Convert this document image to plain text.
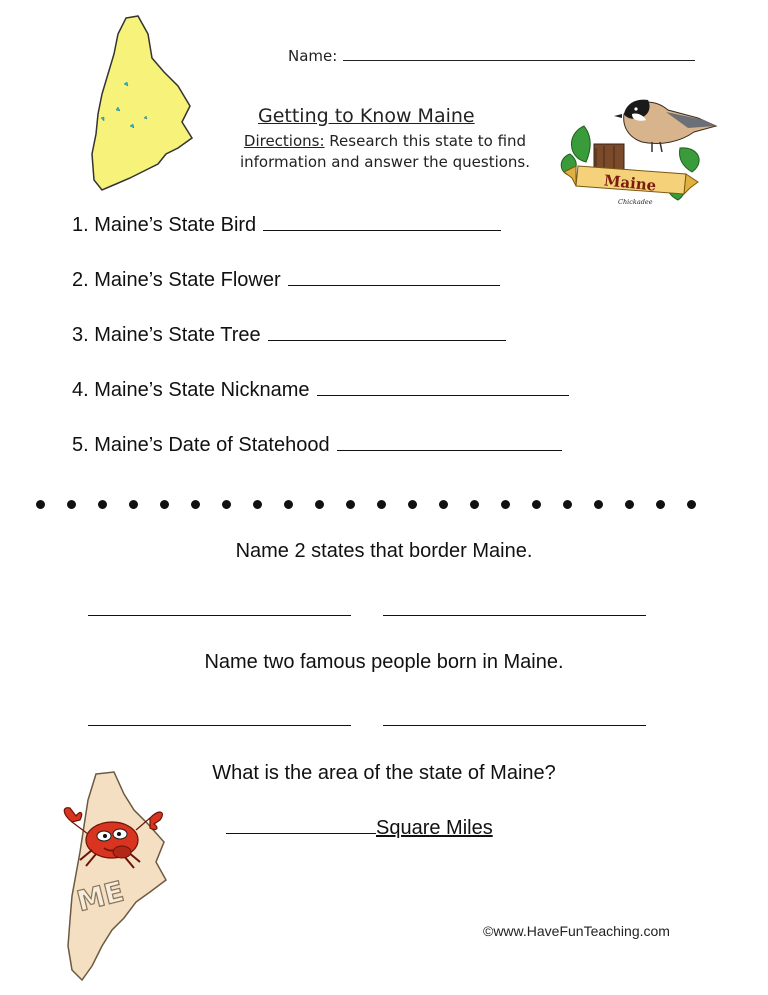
Name:
Getting to Know Maine
Directions: Research this state to find information and answer the questions.
Maine
Chickadee
1. Maine’s State Bird
2. Maine’s State Flower
3. Maine’s State Tree
4. Maine’s State Nickname
5. Maine’s Date of Statehood
Name 2 states that border Maine.
Name two famous people born in Maine.
What is the area of the state of Maine?
Square Miles
ME
©www.HaveFunTeaching.com
